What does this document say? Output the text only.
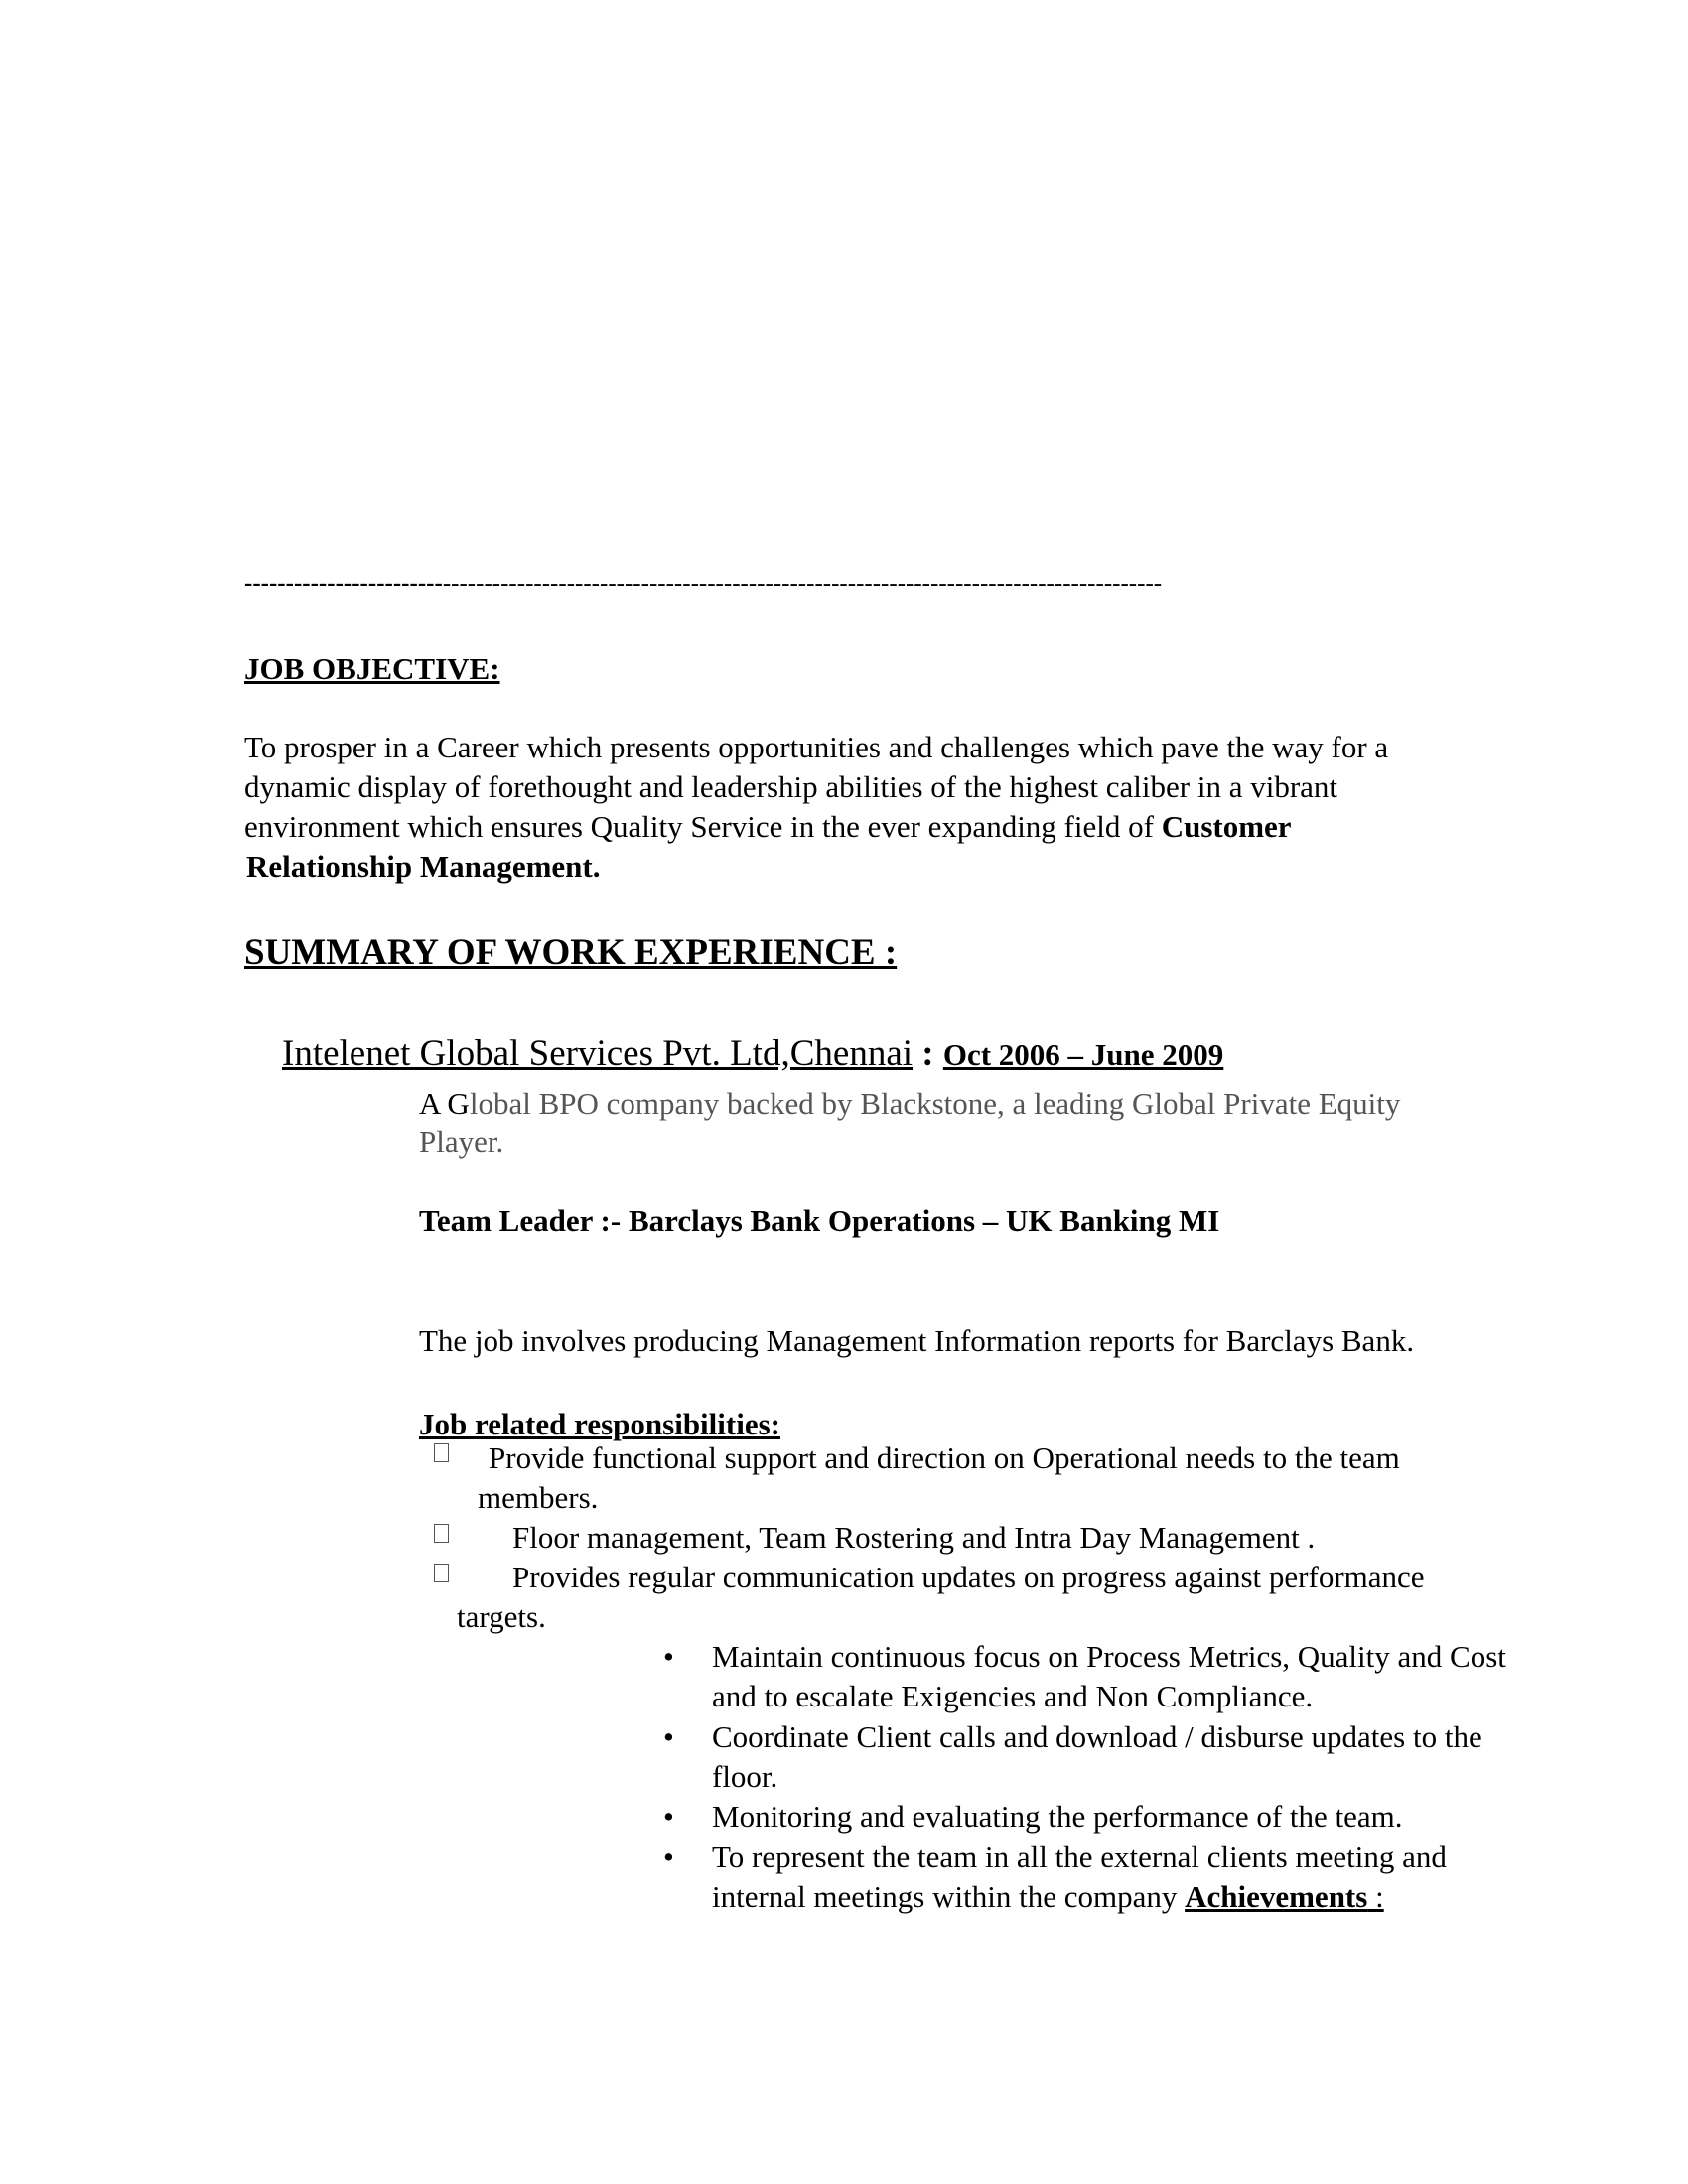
---------------------------------------------------------------------------------------------------------------
JOB OBJECTIVE:
To prosper in a Career which presents opportunities and challenges which pave the way for a
dynamic display of forethought and leadership abilities of the highest caliber in a vibrant
environment which ensures Quality Service in the ever expanding field of Customer
Relationship Management.
SUMMARY OF WORK EXPERIENCE :
Intelenet Global Services Pvt. Ltd,Chennai : Oct 2006 – June 2009
A Global BPO company backed by Blackstone, a leading Global Private Equity
Player.
Team Leader :- Barclays Bank Operations – UK Banking MI
The job involves producing Management Information reports for Barclays Bank.
Job related responsibilities:
Provide functional support and direction on Operational needs to the team
members.
Floor management, Team Rostering and Intra Day Management .
Provides regular communication updates on progress against performance
targets.
• Maintain continuous focus on Process Metrics, Quality and Cost
and to escalate Exigencies and Non Compliance.
• Coordinate Client calls and download / disburse updates to the
floor.
• Monitoring and evaluating the performance of the team.
• To represent the team in all the external clients meeting and
internal meetings within the company Achievements :
